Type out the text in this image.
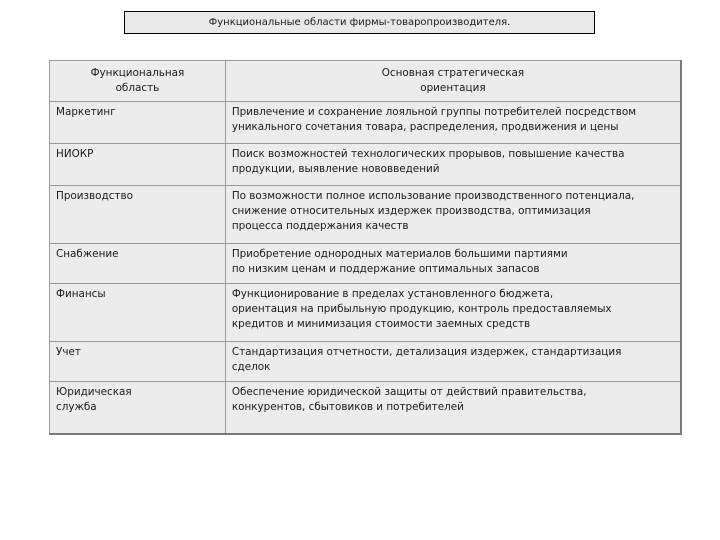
Функциональные области фирмы-товаропроизводителя.
Функциональная
область	Основная стратегическая
ориентация

Маркетинг	Привлечение и сохранение лояльной группы потребителей посредством
уникального сочетания товара, распределения, продвижения и цены

НИОКР	Поиск возможностей технологических прорывов, повышение качества
продукции, выявление нововведений

Производство	По возможности полное использование производственного потенциала,
снижение относительных издержек производства, оптимизация
процесса поддержания качеств

Снабжение	Приобретение однородных материалов большими партиями
по низким ценам и поддержание оптимальных запасов

Финансы	Функционирование в пределах установленного бюджета,
ориентация на прибыльную продукцию, контроль предоставляемых
кредитов и минимизация стоимости заемных средств

Учет	Стандартизация отчетности, детализация издержек, стандартизация
сделок

Юридическая
служба	Обеспечение юридической защиты от действий правительства,
конкурентов, сбытовиков и потребителей
